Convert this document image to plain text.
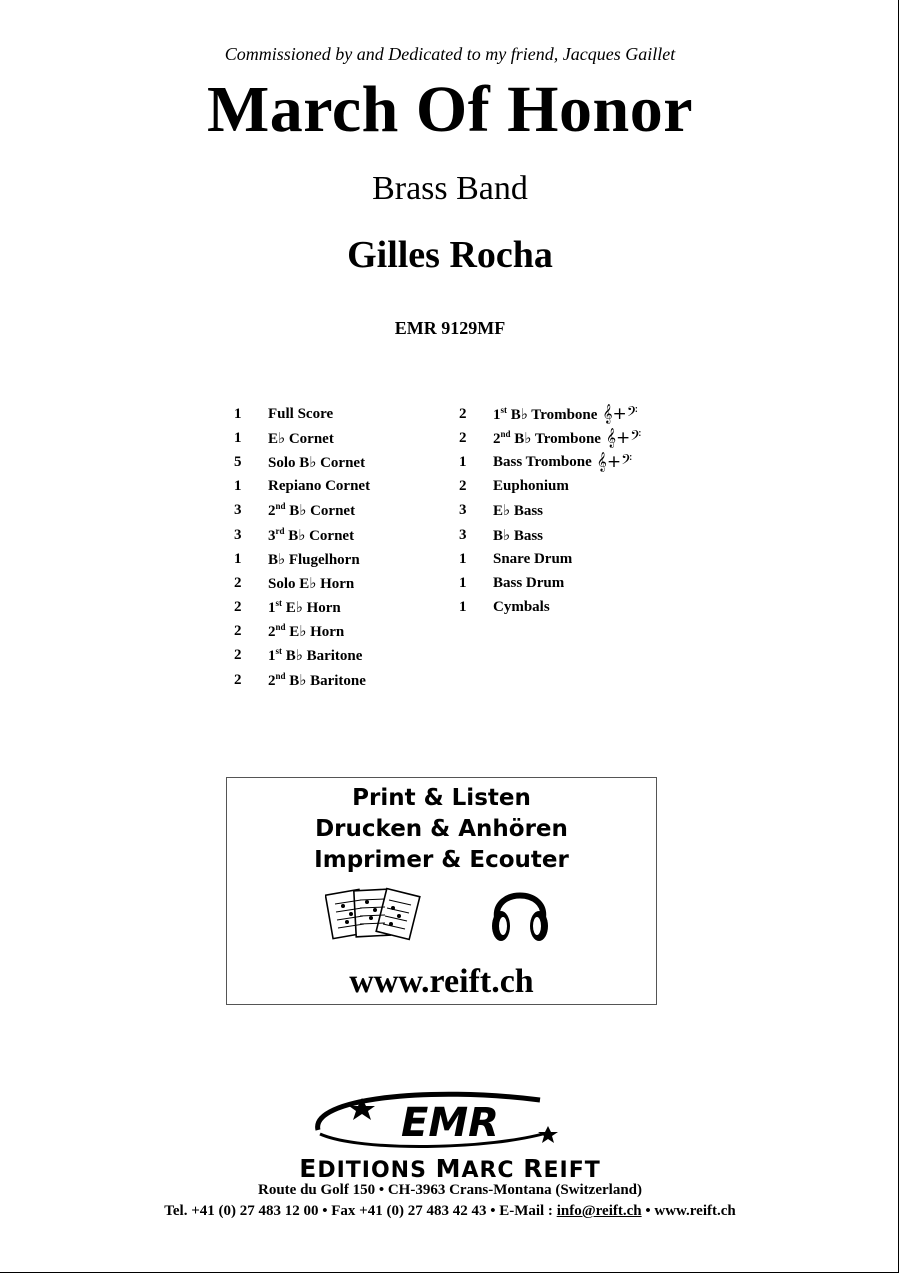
Commissioned by and Dedicated to my friend, Jacques Gaillet
March Of Honor
Brass Band
Gilles Rocha
EMR 9129MF
1	Full Score
1	E♭ Cornet
5	Solo B♭ Cornet
1	Repiano Cornet
3	2nd B♭ Cornet
3	3rd B♭ Cornet
1	B♭ Flugelhorn
2	Solo E♭ Horn
2	1st E♭ Horn
2	2nd E♭ Horn
2	1st B♭ Baritone
2	2nd B♭ Baritone
2	1st B♭ Trombone 𝄞+𝄢
2	2nd B♭ Trombone 𝄞+𝄢
1	Bass Trombone 𝄞+𝄢
2	Euphonium
3	E♭ Bass
3	B♭ Bass
1	Snare Drum
1	Bass Drum
1	Cymbals
Print & Listen
Drucken & Anhören
Imprimer & Ecouter
www.reift.ch
EMR
EDITIONS MARC REIFT
Route du Golf 150 • CH-3963 Crans-Montana (Switzerland)
Tel. +41 (0) 27 483 12 00 • Fax +41 (0) 27 483 42 43 • E-Mail : info@reift.ch • www.reift.ch
